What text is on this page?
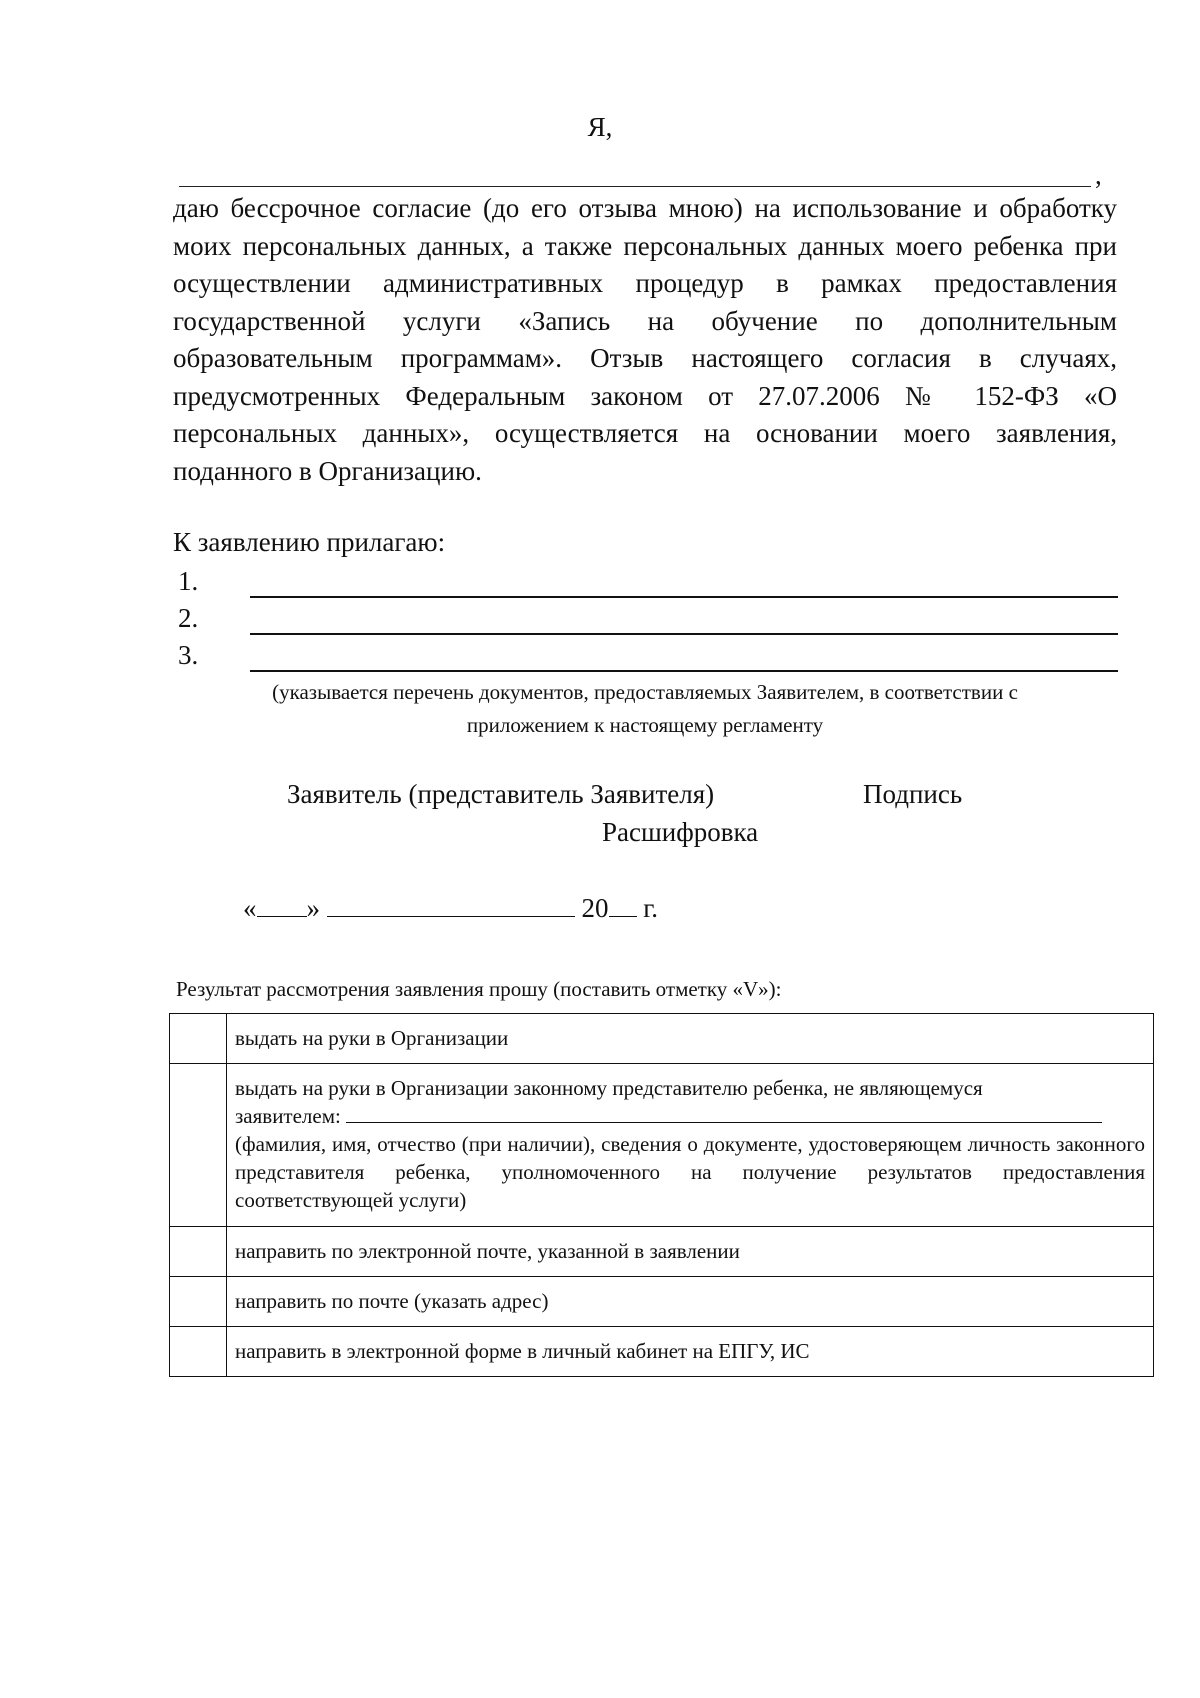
Я,
,
даю бессрочное согласие (до его отзыва мною) на использование и обработку моих персональных данных, а также персональных данных моего ребенка при осуществлении административных процедур в рамках предоставления государственной услуги «Запись на обучение по дополнительным образовательным программам». Отзыв настоящего согласия в случаях, предусмотренных Федеральным законом от 27.07.2006 № 152-ФЗ «О персональных данных», осуществляется на основании моего заявления, поданного в Организацию.
К заявлению прилагаю:
1.
2.
3.
(указывается перечень документов, предоставляемых Заявителем, в соответствии с
приложением к настоящему регламенту
Заявитель (представитель Заявителя)	Подпись
Расшифровка
« »	20 г.
Результат рассмотрения заявления прошу (поставить отметку «V»):
	выдать на руки в Организации

	выдать на руки в Организации законному представителю ребенка, не являющемуся
заявителем:
(фамилия, имя, отчество (при наличии), сведения о документе, удостоверяющем личность законного представителя ребенка, уполномоченного на получение результатов предоставления соответствующей услуги)

	направить по электронной почте, указанной в заявлении
	направить по почте (указать адрес)
	направить в электронной форме в личный кабинет на ЕПГУ, ИС
